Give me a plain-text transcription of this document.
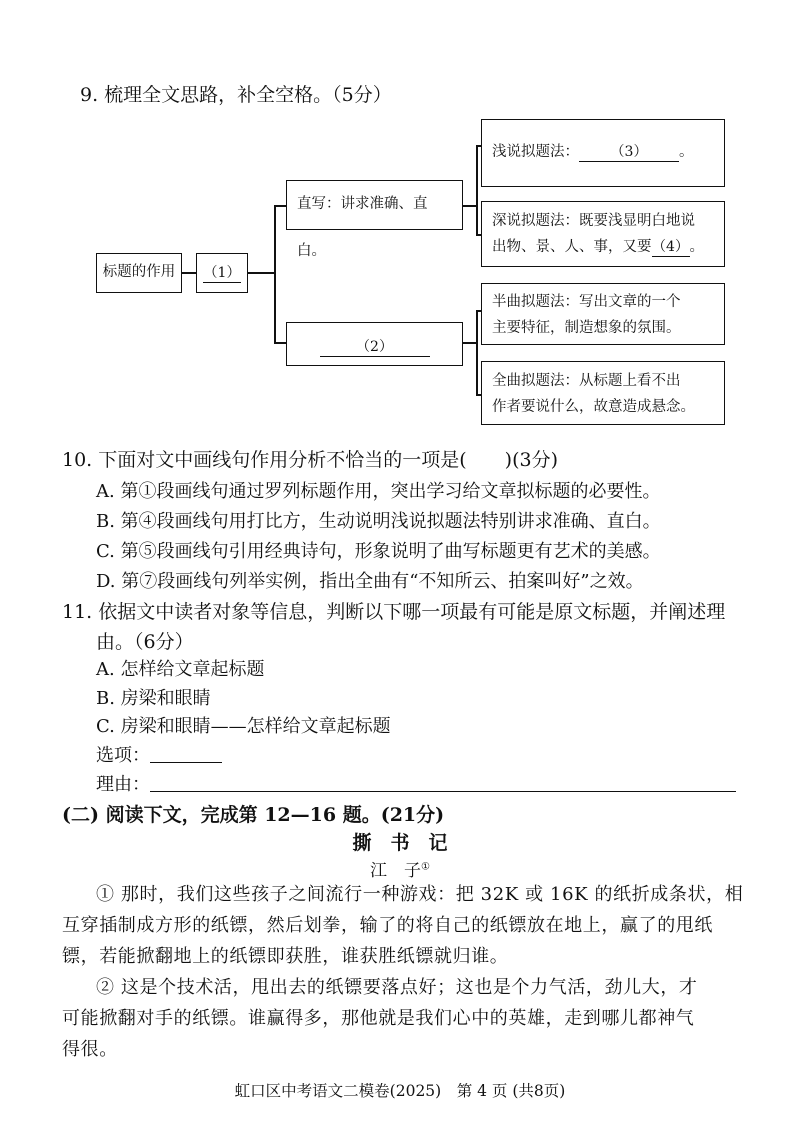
9. 梳理全文思路，补全空格。（5分）
标题的作用	（1）
直写：讲求准确、直白。
（2）
浅说拟题法： （3） 。
深说拟题法：既要浅显明白地说
出物、景、人、事，又要（4）。
半曲拟题法：写出文章的一个
主要特征，制造想象的氛围。
全曲拟题法：从标题上看不出
作者要说什么，故意造成悬念。
10. 下面对文中画线句作用分析不恰当的一项是(　　)(3分)
A. 第①段画线句通过罗列标题作用，突出学习给文章拟标题的必要性。
B. 第④段画线句用打比方，生动说明浅说拟题法特别讲求准确、直白。
C. 第⑤段画线句引用经典诗句，形象说明了曲写标题更有艺术的美感。
D. 第⑦段画线句列举实例，指出全曲有“不知所云、拍案叫好”之效。
11. 依据文中读者对象等信息，判断以下哪一项最有可能是原文标题，并阐述理
由。（6分）
A. 怎样给文章起标题
B. 房梁和眼睛
C. 房梁和眼睛——怎样给文章起标题
选项：
理由：
(二) 阅读下文，完成第 12—16 题。(21分)
撕　书　记
江　子①
① 那时，我们这些孩子之间流行一种游戏：把 32K 或 16K 的纸折成条状，相
互穿插制成方形的纸镖，然后划拳，输了的将自己的纸镖放在地上，赢了的甩纸
镖，若能掀翻地上的纸镖即获胜，谁获胜纸镖就归谁。
② 这是个技术活，甩出去的纸镖要落点好；这也是个力气活，劲儿大，才
可能掀翻对手的纸镖。谁赢得多，那他就是我们心中的英雄，走到哪儿都神气
得很。
虹口区中考语文二模卷(2025)　第 4 页 (共8页)
